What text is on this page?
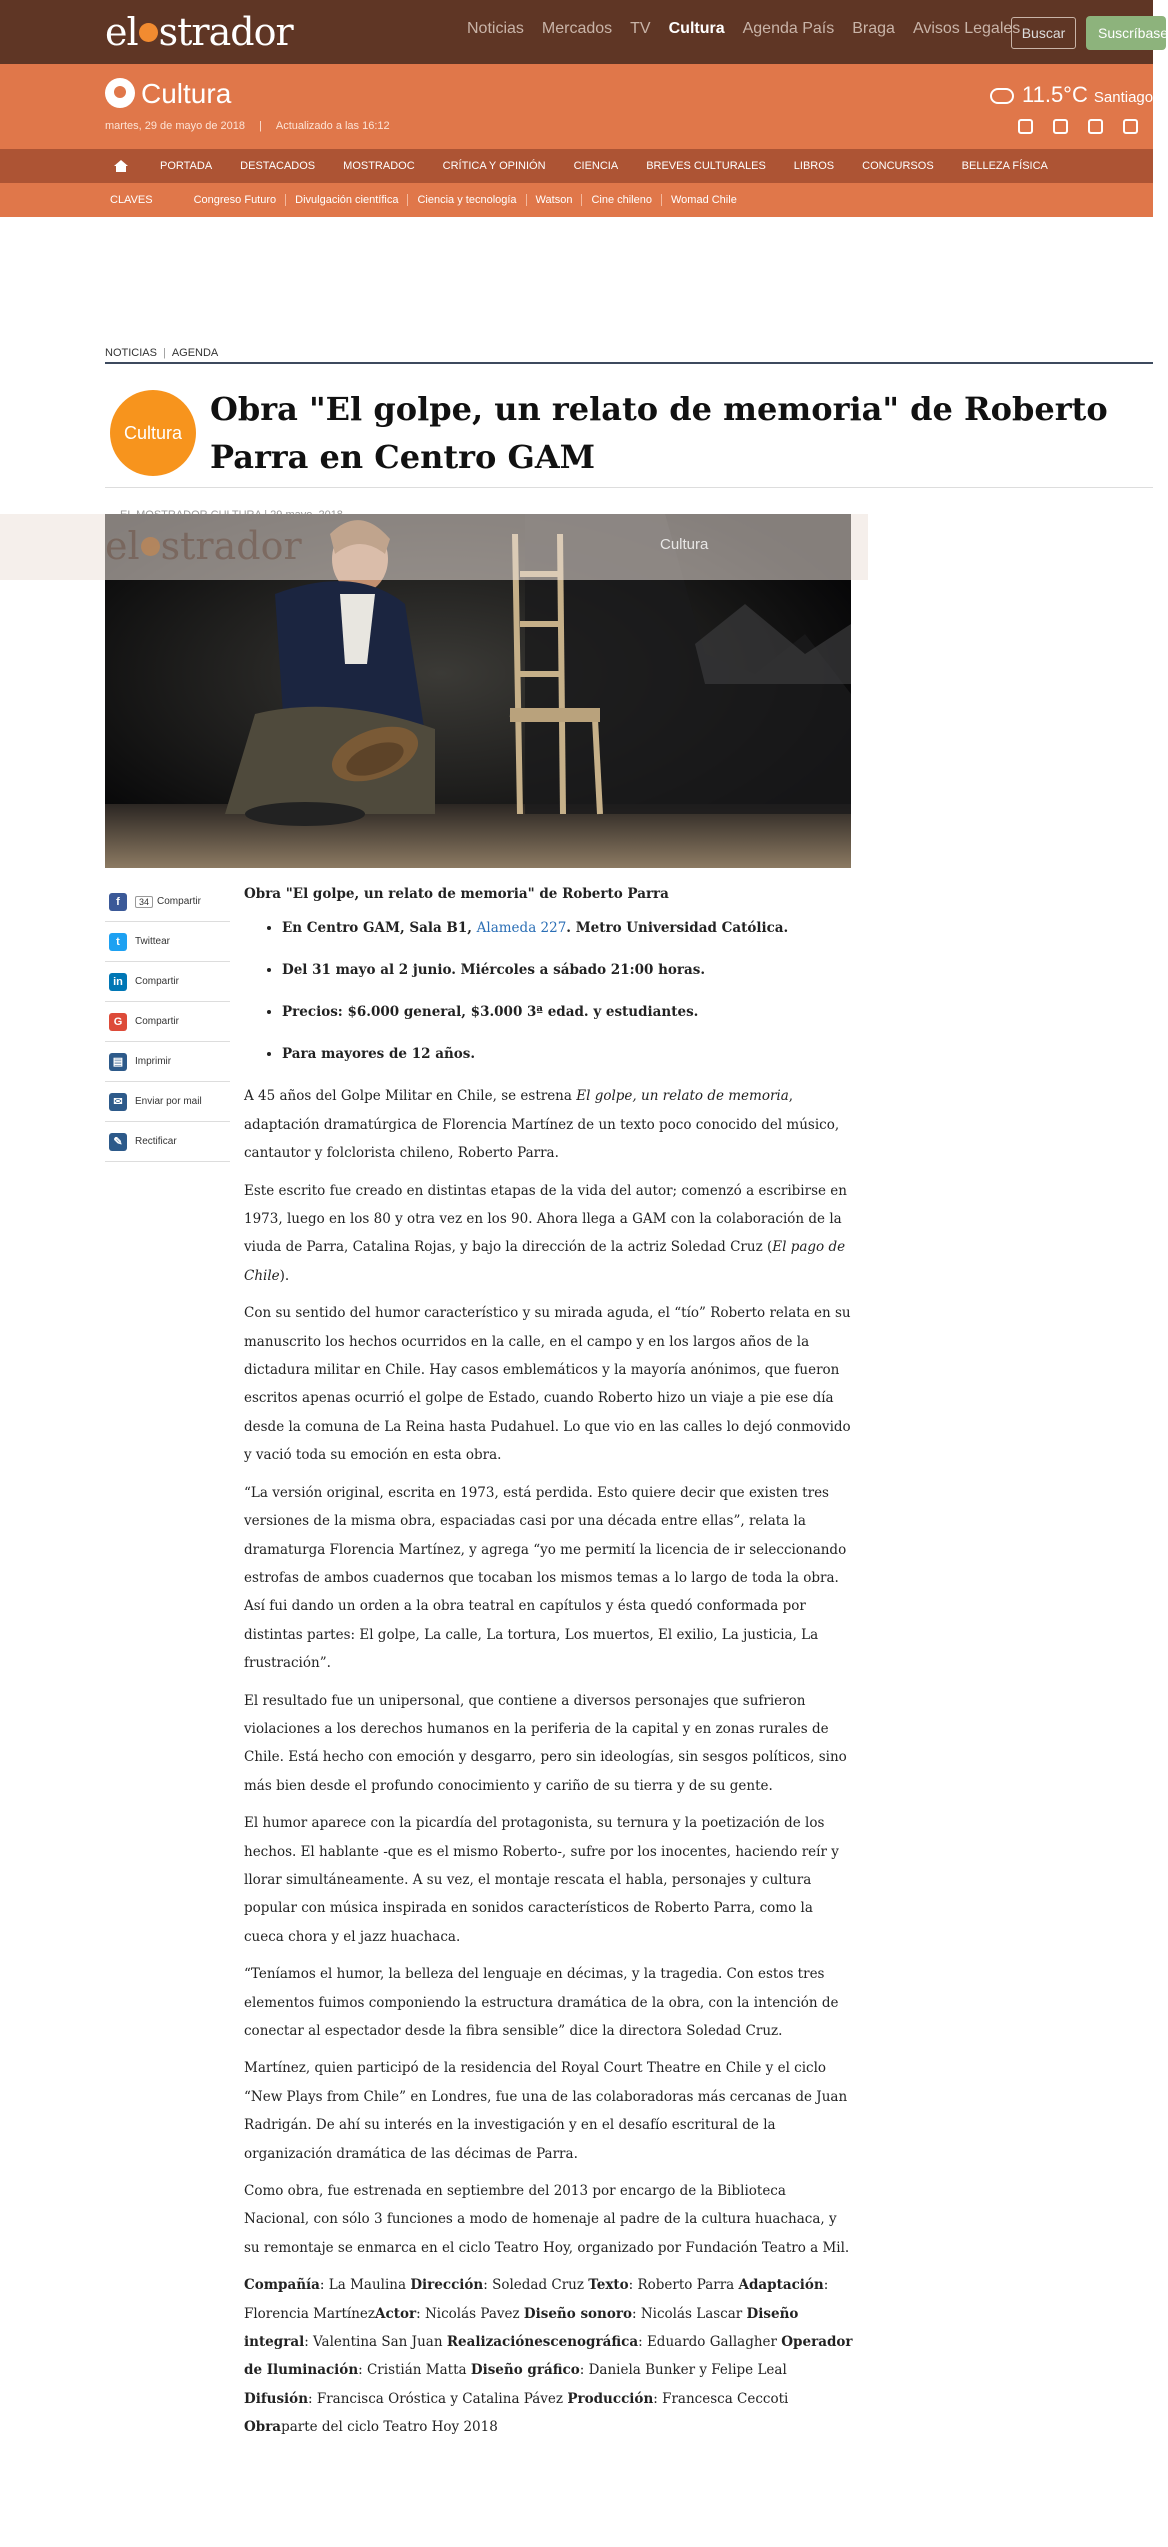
el strador	Noticias Mercados TV Cultura Agenda País Braga Avisos Legales Buscar	Suscríbase
Cultura
martes, 29 de mayo de 2018 | Actualizado a las 16:12
11.5°C Santiago
PORTADA	DESTACADOS	MOSTRADOC	CRÍTICA Y OPINIÓN	CIENCIA	BREVES CULTURALES	LIBROS	CONCURSOS	BELLEZA FÍSICA
CLAVES	Congreso Futuro	Divulgación científica	Ciencia y tecnología	Watson	Cine chileno	Womad Chile
NOTICIAS | AGENDA
Cultura
Obra "El golpe, un relato de memoria" de Roberto Parra en Centro GAM
el strador	Cultura
f	34 Compartir
t	Twittear
in	Compartir
G	Compartir
▤	Imprimir
✉	Enviar por mail
✎	Rectificar

Obra "El golpe, un relato de memoria" de Roberto Parra

• En Centro GAM, Sala B1, Alameda 227. Metro Universidad Católica.
• Del 31 mayo al 2 junio. Miércoles a sábado 21:00 horas.
• Precios: $6.000 general, $3.000 3ª edad. y estudiantes.
• Para mayores de 12 años.

A 45 años del Golpe Militar en Chile, se estrena El golpe, un relato de memoria, adaptación dramatúrgica de Florencia Martínez de un texto poco conocido del músico, cantautor y folclorista chileno, Roberto Parra.

Este escrito fue creado en distintas etapas de la vida del autor; comenzó a escribirse en 1973, luego en los 80 y otra vez en los 90. Ahora llega a GAM con la colaboración de la viuda de Parra, Catalina Rojas, y bajo la dirección de la actriz Soledad Cruz (El pago de Chile).

Con su sentido del humor característico y su mirada aguda, el “tío” Roberto relata en su manuscrito los hechos ocurridos en la calle, en el campo y en los largos años de la dictadura militar en Chile. Hay casos emblemáticos y la mayoría anónimos, que fueron escritos apenas ocurrió el golpe de Estado, cuando Roberto hizo un viaje a pie ese día desde la comuna de La Reina hasta Pudahuel. Lo que vio en las calles lo dejó conmovido y vació toda su emoción en esta obra.

“La versión original, escrita en 1973, está perdida. Esto quiere decir que existen tres versiones de la misma obra, espaciadas casi por una década entre ellas”, relata la dramaturga Florencia Martínez, y agrega “yo me permití la licencia de ir seleccionando estrofas de ambos cuadernos que tocaban los mismos temas a lo largo de toda la obra. Así fui dando un orden a la obra teatral en capítulos y ésta quedó conformada por distintas partes: El golpe, La calle, La tortura, Los muertos, El exilio, La justicia, La frustración”.

El resultado fue un unipersonal, que contiene a diversos personajes que sufrieron violaciones a los derechos humanos en la periferia de la capital y en zonas rurales de Chile. Está hecho con emoción y desgarro, pero sin ideologías, sin sesgos políticos, sino más bien desde el profundo conocimiento y cariño de su tierra y de su gente.

El humor aparece con la picardía del protagonista, su ternura y la poetización de los hechos. El hablante -que es el mismo Roberto-, sufre por los inocentes, haciendo reír y llorar simultáneamente. A su vez, el montaje rescata el habla, personajes y cultura popular con música inspirada en sonidos característicos de Roberto Parra, como la cueca chora y el jazz huachaca.

“Teníamos el humor, la belleza del lenguaje en décimas, y la tragedia. Con estos tres elementos fuimos componiendo la estructura dramática de la obra, con la intención de conectar al espectador desde la fibra sensible” dice la directora Soledad Cruz.

Martínez, quien participó de la residencia del Royal Court Theatre en Chile y el ciclo “New Plays from Chile” en Londres, fue una de las colaboradoras más cercanas de Juan Radrigán. De ahí su interés en la investigación y en el desafío escritural de la organización dramática de las décimas de Parra.

Como obra, fue estrenada en septiembre del 2013 por encargo de la Biblioteca Nacional, con sólo 3 funciones a modo de homenaje al padre de la cultura huachaca, y su remontaje se enmarca en el ciclo Teatro Hoy, organizado por Fundación Teatro a Mil.

Compañía: La Maulina Dirección: Soledad Cruz Texto: Roberto Parra Adaptación: Florencia MartínezActor: Nicolás Pavez Diseño sonoro: Nicolás Lascar Diseño integral: Valentina San Juan Realizaciónescenográfica: Eduardo Gallagher Operador de Iluminación: Cristián Matta Diseño gráfico: Daniela Bunker y Felipe Leal Difusión: Francisca Oróstica y Catalina Pávez Producción: Francesca Ceccoti Obraparte del ciclo Teatro Hoy 2018
